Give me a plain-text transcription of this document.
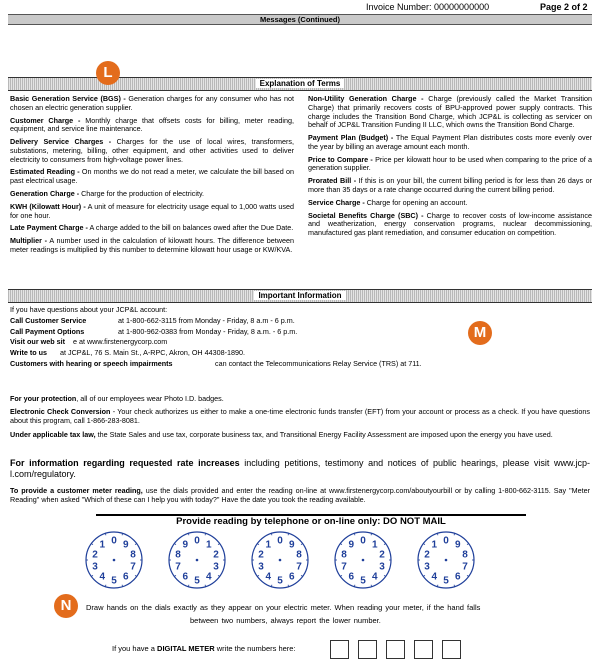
Invoice Number: 00000000000	Page 2 of 2
Messages (Continued)
Explanation of Terms
L

Basic Generation Service (BGS) - Generation charges for any consumer who has not chosen an electric generation supplier.

Customer Charge - Monthly charge that offsets costs for billing, meter reading, equipment, and service line maintenance.

Delivery Service Charges - Charges for the use of local wires, transformers, substations, metering, billing, other equipment, and other activities used to deliver electricity to consumers from high-voltage power lines.

Estimated Reading - On months we do not read a meter, we calculate the bill based on past electrical usage.

Generation Charge - Charge for the production of electricity.

KWH (Kilowatt Hour) - A unit of measure for electricity usage equal to 1,000 watts used for one hour.

Late Payment Charge - A charge added to the bill on balances owed after the Due Date.

Multiplier - A number used in the calculation of kilowatt hours. The difference between meter readings is multiplied by this number to determine kilowatt hour usage or KW/KVA.

Non-Utility Generation Charge - Charge (previously called the Market Transition Charge) that primarily recovers costs of BPU-approved power supply contracts. This charge includes the Transition Bond Charge, which JCP&L is collecting as servicer on behalf of JCP&L Transition Funding II LLC, which owns the Transition Bond Charge.

Payment Plan (Budget) - The Equal Payment Plan distributes costs more evenly over the year by billing an average amount each month.

Price to Compare - Price per kilowatt hour to be used when comparing to the price of a generation supplier.

Prorated Bill - If this is on your bill, the current billing period is for less than 26 days or more than 35 days or a rate change occurred during the current billing period.

Service Charge - Charge for opening an account.

Societal Benefits Charge (SBC) - Charge to recover costs of low-income assistance and weatherization, energy conservation programs, nuclear decommissioning, manufactured gas plant remediation, and consumer education on competition.

Important Information
M

If you have questions about your JCP&L account:

Call Customer Service	at 1-800-662-3115 from Monday - Friday, 8 a.m - 6 p.m.

Call Payment Options	at 1-800-962-0383 from Monday - Friday, 8 a.m. - 6 p.m.

Visit our web sit e at www.firstenergycorp.com

Write to us at JCP&L, 76 S. Main St., A-RPC, Akron, OH 44308-1890.

Customers with hearing or speech impairments	can contact the Telecommunications Relay Service (TRS) at 711.

For your protection, all of our employees wear Photo I.D. badges.

Electronic Check Conversion - Your check authorizes us either to make a one-time electronic funds transfer (EFT) from your account or process as a check. If you have questions about this program, call 1-866-283-8081.

Under applicable tax law, the State Sales and use tax, corporate business tax, and Transitional Energy Facility Assessment are imposed upon the energy you have used.

For information regarding requested rate increases including petitions, testimony and notices of public hearings, please visit www.jcp-l.com/regulatory.

To provide a customer meter reading, use the dials provided and enter the reading on-line at www.firstenergycorp.com/aboutyourbill or by calling 1-800-662-3115. Say "Meter Reading" when asked "Which of these can I help you with today?" Have the date you took the reading available.

Provide reading by telephone or on-line only: DO NOT MAIL
0 9
8
7
6
5
4
3
2
1	0 1
2
3
4
5
6
7
8
9	0 9
8
7
6
5
4
3
2
1	0 1
2
3
4
5
6
7
8
9	0 9
8
7
6
5
4
3
2
1
N	Draw hands on the dials exactly as they appear on your electric meter. When reading your meter, if the hand falls
between two numbers, always report the lower number.
If you have a DIGITAL METER write the numbers here:
